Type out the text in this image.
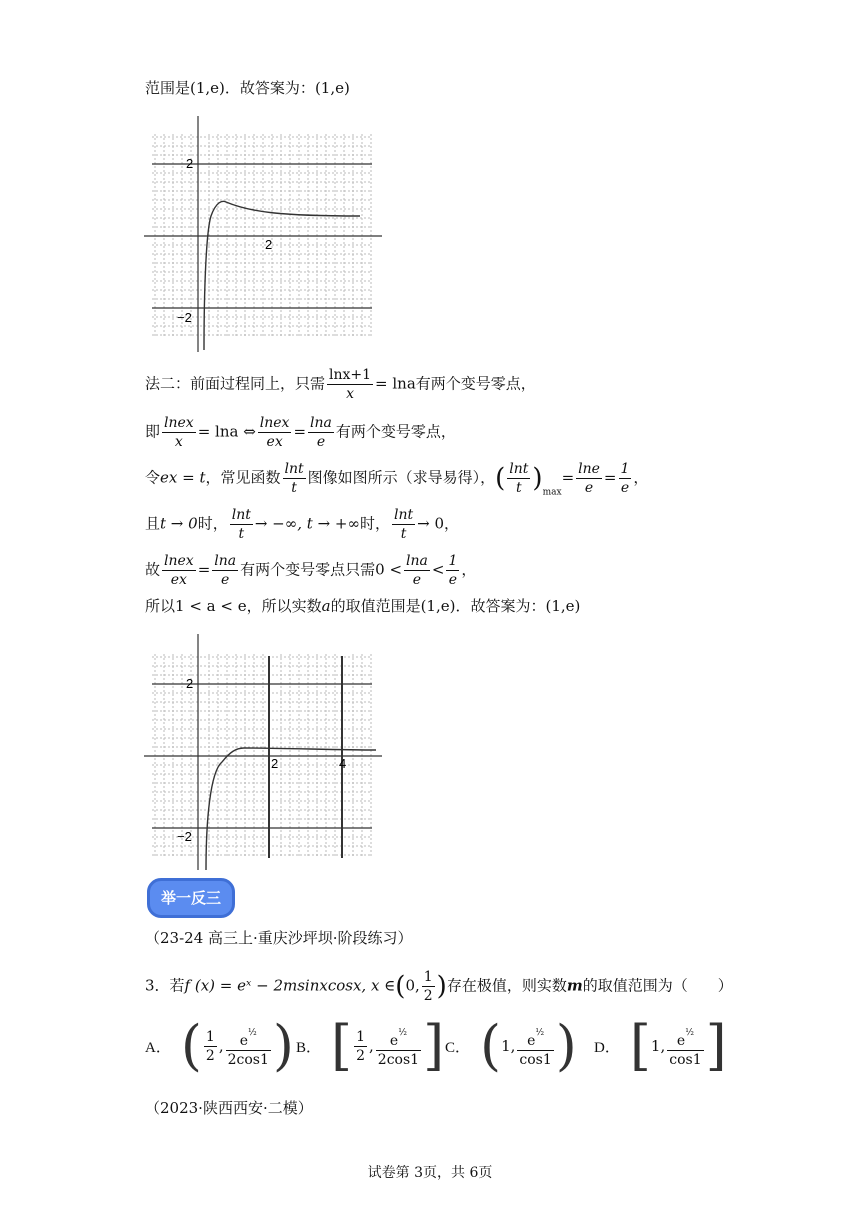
范围是(1,e)．故答案为：(1,e)
2
2
−2
法二：前面过程同上，只需 $\frac{\ln x+1}{x} = \ln a$有两个变号零点，
即 $\frac{\text{lnex}}{x} = \ln a$ ⇔ $\frac{\text{lnex}}{ex} = \frac{\ln a}{e}$ 有两个变号零点，
令ex = t，常见函数 $\frac{\ln t}{t}$ 图像如图所示（求导易得），( $\frac{\ln t}{t} )_{max}= \frac{\ln e}{e} = \frac{1}{e}$ ，
且t → 0时， $\frac{\ln t}{t}$ → −∞, t → +∞时， $\frac{\ln t}{t} \to 0$，
故 $\frac{\text{lnex}}{ex} = \frac{\ln a}{e}$ 有两个变号零点只需$0 < \frac{\ln a}{e} < \frac{1}{e}$ ，
所以1 < a < e，所以实数a的取值范围是(1,e)．故答案为：(1,e)
2
2	4
−2
举一反三
（23-24 高三上·重庆沙坪坝·阶段练习）
3．若f (x) = eˣ − 2msinxcosx, x ∈(0, $\frac{1}{2}$ )存在极值，则实数m的取值范围为（　　）
A． ( $\frac{1}{2}$ , $\frac{e^{\frac{1}{2}}}{2\cos 1}$ ) B． [ $\frac{1}{2}$ , $\frac{e^{\frac{1}{2}}}{2\cos 1}$ ] C． ( 1, $\frac{e^{\frac{1}{2}}}{\cos 1}$ ) D． [ 1, $\frac{e^{\frac{1}{2}}}{\cos 1}$ ]
（2023·陕西西安·二模）
试卷第 3页，共 6页
